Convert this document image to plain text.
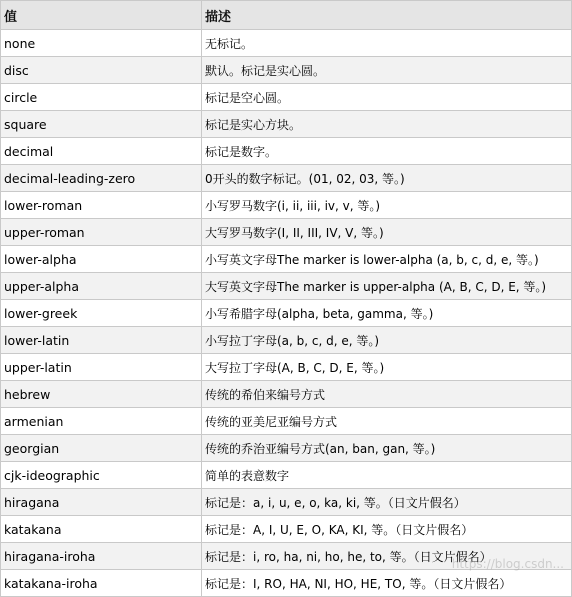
值	描述
none	无标记。
disc	默认。标记是实心圆。
circle	标记是空心圆。
square	标记是实心方块。
decimal	标记是数字。
decimal-leading-zero	0开头的数字标记。(01, 02, 03, 等。)
lower-roman	小写罗马数字(i, ii, iii, iv, v, 等。)
upper-roman	大写罗马数字(I, II, III, IV, V, 等。)
lower-alpha	小写英文字母The marker is lower-alpha (a, b, c, d, e, 等。)
upper-alpha	大写英文字母The marker is upper-alpha (A, B, C, D, E, 等。)
lower-greek	小写希腊字母(alpha, beta, gamma, 等。)
lower-latin	小写拉丁字母(a, b, c, d, e, 等。)
upper-latin	大写拉丁字母(A, B, C, D, E, 等。)
hebrew	传统的希伯来编号方式
armenian	传统的亚美尼亚编号方式
georgian	传统的乔治亚编号方式(an, ban, gan, 等。)
cjk-ideographic	简单的表意数字
hiragana	标记是：a, i, u, e, o, ka, ki, 等。（日文片假名）
katakana	标记是：A, I, U, E, O, KA, KI, 等。（日文片假名）
hiragana-iroha	标记是：i, ro, ha, ni, ho, he, to, 等。（日文片假名）
katakana-iroha	标记是：I, RO, HA, NI, HO, HE, TO, 等。（日文片假名）
https://blog.csdn...
